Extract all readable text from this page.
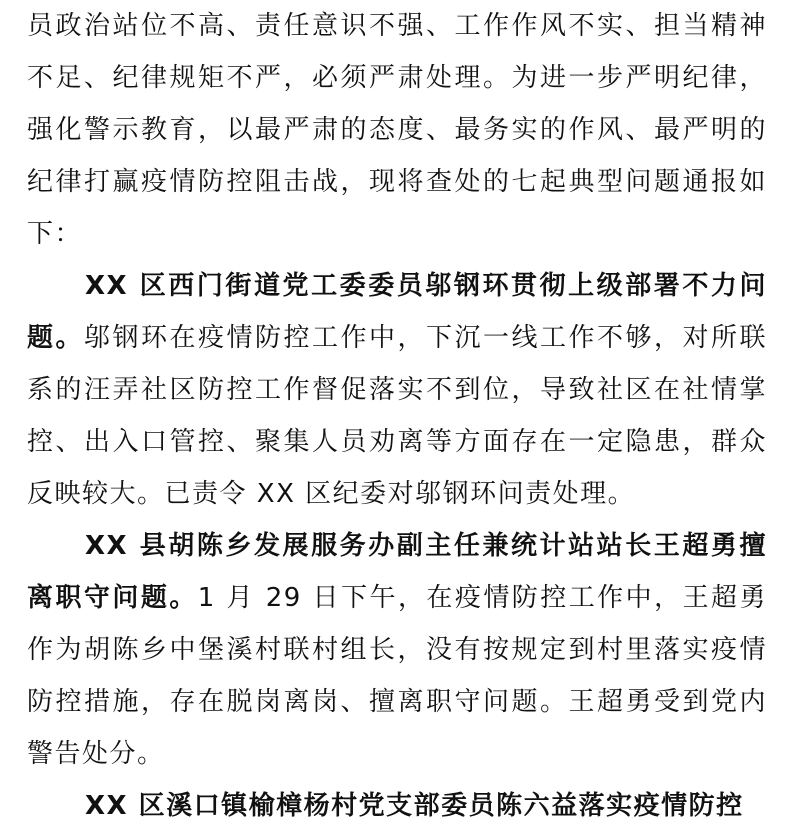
员政治站位不高、责任意识不强、工作作风不实、担当精神不足、纪律规矩不严，必须严肃处理。为进一步严明纪律，强化警示教育，以最严肃的态度、最务实的作风、最严明的纪律打赢疫情防控阻击战，现将查处的七起典型问题通报如下：

XX 区西门街道党工委委员邬钢环贯彻上级部署不力问题。邬钢环在疫情防控工作中，下沉一线工作不够，对所联系的汪弄社区防控工作督促落实不到位，导致社区在社情掌控、出入口管控、聚集人员劝离等方面存在一定隐患，群众反映较大。已责令 XX 区纪委对邬钢环问责处理。

XX 县胡陈乡发展服务办副主任兼统计站站长王超勇擅离职守问题。1 月 29 日下午，在疫情防控工作中，王超勇作为胡陈乡中堡溪村联村组长，没有按规定到村里落实疫情防控措施，存在脱岗离岗、擅离职守问题。王超勇受到党内警告处分。

XX 区溪口镇榆樟杨村党支部委员陈六益落实疫情防控
